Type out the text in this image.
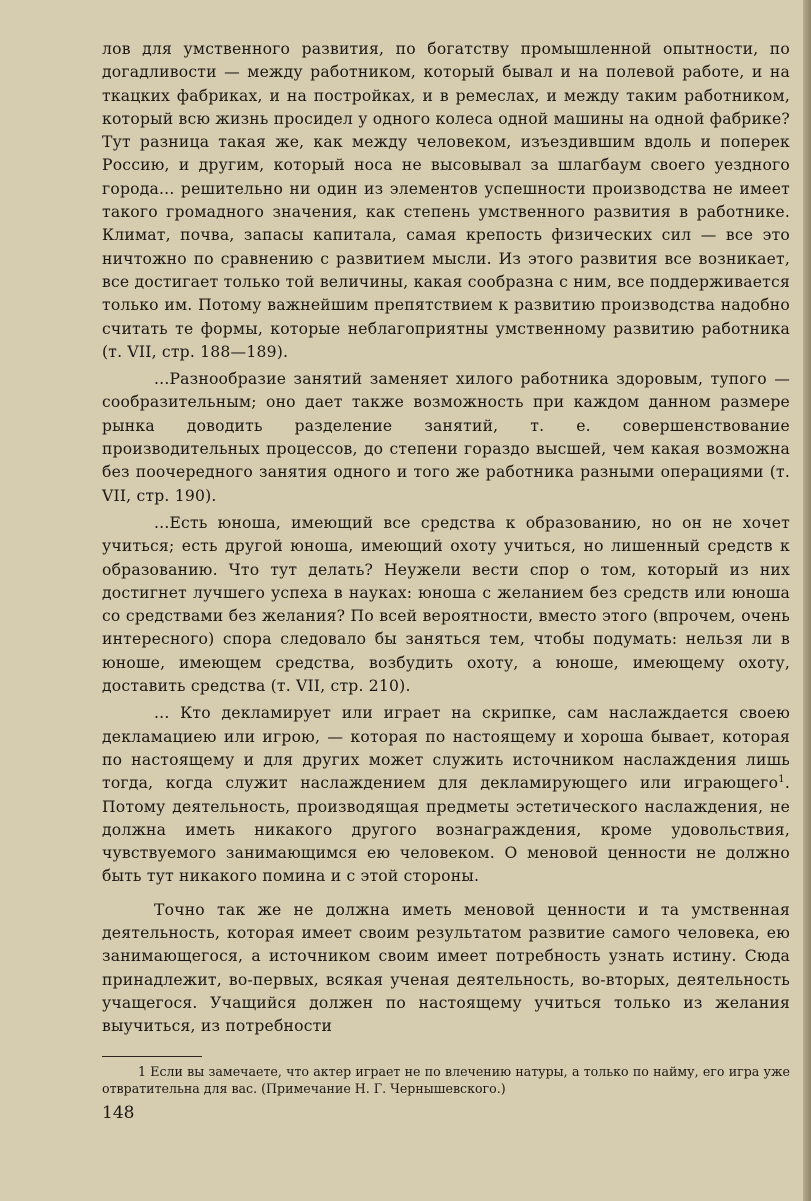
лов для умственного развития, по богатству промышленной опытности, по догадливости — между работником, который бывал и на полевой работе, и на ткацких фабриках, и на постройках, и в ремеслах, и между таким работником, который всю жизнь просидел у одного колеса одной машины на одной фабрике? Тут разница такая же, как между человеком, изъездившим вдоль и поперек Россию, и другим, который носа не высовывал за шлагбаум своего уездного города... решительно ни один из элементов успешности производства не имеет такого громадного значения, как степень умственного развития в работнике. Климат, почва, запасы капитала, самая крепость физических сил — все это ничтожно по сравнению с развитием мысли. Из этого развития все возникает, все достигает только той величины, какая сообразна с ним, все поддерживается только им. Потому важнейшим препятствием к развитию производства надобно считать те формы, которые неблагоприятны умственному развитию работника (т. VII, стр. 188—189).

...Разнообразие занятий заменяет хилого работника здоровым, тупого — сообразительным; оно дает также возможность при каждом данном размере рынка доводить разделение занятий, т. е. совершенствование производительных процессов, до степени гораздо высшей, чем какая возможна без поочередного занятия одного и того же работника разными операциями (т. VII, стр. 190).

...Есть юноша, имеющий все средства к образованию, но он не хочет учиться; есть другой юноша, имеющий охоту учиться, но лишенный средств к образованию. Что тут делать? Неужели вести спор о том, который из них достигнет лучшего успеха в науках: юноша с желанием без средств или юноша со средствами без желания? По всей вероятности, вместо этого (впрочем, очень интересного) спора следовало бы заняться тем, чтобы подумать: нельзя ли в юноше, имеющем средства, возбудить охоту, а юноше, имеющему охоту, доставить средства (т. VII, стр. 210).

... Кто декламирует или играет на скрипке, сам наслаждается своею декламациею или игрою, — которая по настоящему и хороша бывает, которая по настоящему и для других может служить источником наслаждения лишь тогда, когда служит наслаждением для декламирующего или играющего$^1$. Потому деятельность, производящая предметы эстетического наслаждения, не должна иметь никакого другого вознаграждения, кроме удовольствия, чувствуемого занимающимся ею человеком. О меновой ценности не должно быть тут никакого помина и с этой стороны.

Точно так же не должна иметь меновой ценности и та умственная деятельность, которая имеет своим результатом развитие самого человека, ею занимающегося, а источником своим имеет потребность узнать истину. Сюда принадлежит, во-первых, всякая ученая деятельность, во-вторых, деятельность учащегося. Учащийся должен по настоящему учиться только из желания выучиться, из потребности

1 Если вы замечаете, что актер играет не по влечению натуры, а только по найму, его игра уже отвратительна для вас. (Примечание Н. Г. Чернышевского.)

148
